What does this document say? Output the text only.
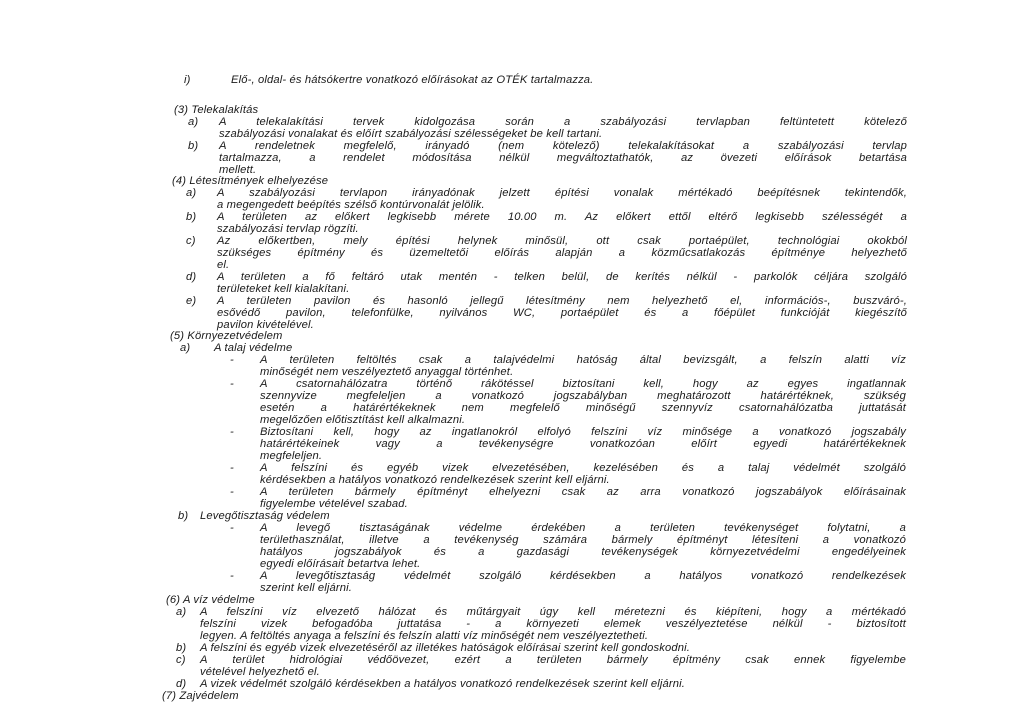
i)	Elő-, oldal- és hátsókertre vonatkozó előírásokat az OTÉK tartalmazza.
(3) Telekalakítás
a) A telekalakítási tervek kidolgozása során a szabályozási tervlapban feltüntetett kötelező
szabályozási vonalakat és előírt szabályozási szélességeket be kell tartani.
b) A rendeletnek megfelelő, irányadó (nem kötelező) telekalakításokat a szabályozási tervlap
tartalmazza, a rendelet módosítása nélkül megváltoztathatók, az övezeti előírások betartása
mellett.
(4) Létesítmények elhelyezése
a) A szabályozási tervlapon irányadónak jelzett építési vonalak mértékadó beépítésnek tekintendők,
a megengedett beépítés szélső kontúrvonalát jelölik.
b) A területen az előkert legkisebb mérete 10.00 m. Az előkert ettől eltérő legkisebb szélességét a
szabályozási tervlap rögzíti.
c) Az előkertben, mely építési helynek minősül, ott csak portaépület, technológiai okokból
szükséges építmény és üzemeltetői előírás alapján a közműcsatlakozás építménye helyezhető
el.
d) A területen a fő feltáró utak mentén - telken belül, de kerítés nélkül - parkolók céljára szolgáló
területeket kell kialakítani.
e) A területen pavilon és hasonló jellegű létesítmény nem helyezhető el, információs-, buszváró-,
esővédő pavilon, telefonfülke, nyilvános WC, portaépület és a főépület funkcióját kiegészítő
pavilon kivételével.
(5) Környezetvédelem
a) A talaj védelme
- A területen feltöltés csak a talajvédelmi hatóság által bevizsgált, a felszín alatti víz
minőségét nem veszélyeztető anyaggal történhet.
- A csatornahálózatra történő rákötéssel biztosítani kell, hogy az egyes ingatlannak
szennyvize megfeleljen a vonatkozó jogszabályban meghatározott határértéknek, szükség
esetén a határértékeknek nem megfelelő minőségű szennyvíz csatornahálózatba juttatását
megelőzően előtisztítást kell alkalmazni.
- Biztosítani kell, hogy az ingatlanokról elfolyó felszíni víz minősége a vonatkozó jogszabály
határértékeinek vagy a tevékenységre vonatkozóan előírt egyedi határértékeknek
megfeleljen.
- A felszíni és egyéb vizek elvezetésében, kezelésében és a talaj védelmét szolgáló
kérdésekben a hatályos vonatkozó rendelkezések szerint kell eljárni.
- A területen bármely építményt elhelyezni csak az arra vonatkozó jogszabályok előírásainak
figyelembe vételével szabad.
b) Levegőtisztaság védelem
- A levegő tisztaságának védelme érdekében a területen tevékenységet folytatni, a
területhasználat, illetve a tevékenység számára bármely építményt létesíteni a vonatkozó
hatályos jogszabályok és a gazdasági tevékenységek környezetvédelmi engedélyeinek
egyedi előírásait betartva lehet.
- A levegőtisztaság védelmét szolgáló kérdésekben a hatályos vonatkozó rendelkezések
szerint kell eljárni.
(6) A víz védelme
a) A felszíni víz elvezető hálózat és műtárgyait úgy kell méretezni és kiépíteni, hogy a mértékadó
felszíni vizek befogadóba juttatása - a környezeti elemek veszélyeztetése nélkül - biztosított
legyen. A feltöltés anyaga a felszíni és felszín alatti víz minőségét nem veszélyeztetheti.
b) A felszíni és egyéb vizek elvezetéséről az illetékes hatóságok előírásai szerint kell gondoskodni.
c) A terület hidrológiai védőövezet, ezért a területen bármely építmény csak ennek figyelembe
vételével helyezhető el.
d) A vizek védelmét szolgáló kérdésekben a hatályos vonatkozó rendelkezések szerint kell eljárni.
(7) Zajvédelem
